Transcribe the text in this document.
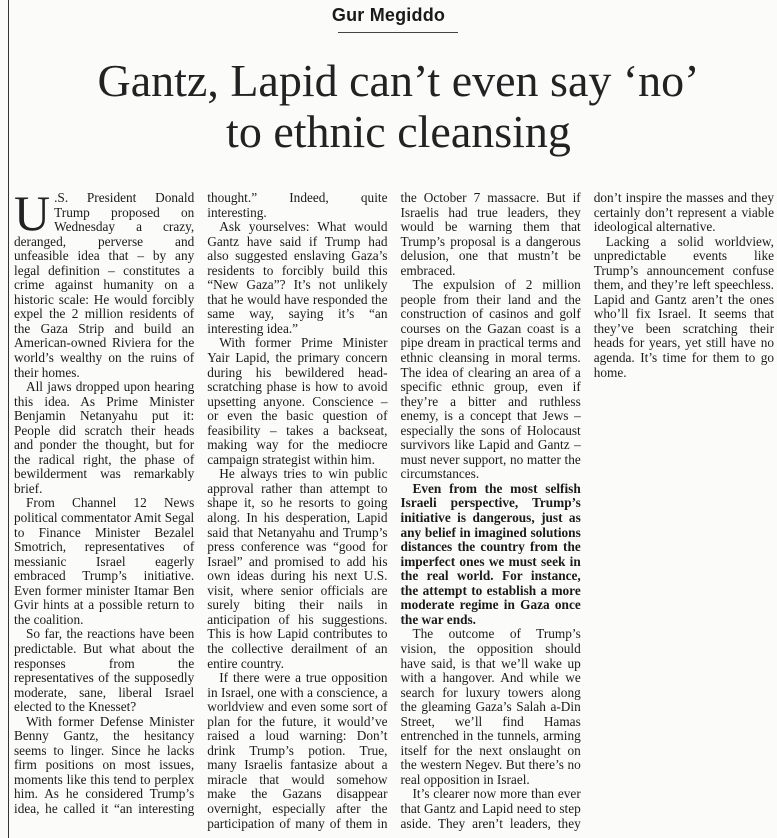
Gur Megiddo
Gantz, Lapid can’t even say ‘no’
to ethnic cleansing

U .S. President Donald Trump proposed on Wednesday a crazy, deranged, perverse and unfeasible idea that – by any legal definition – constitutes a crime against humanity on a historic scale: He would forcibly expel the 2 million residents of the Gaza Strip and build an American-owned Riviera for the world’s wealthy on the ruins of their homes.

All jaws dropped upon hearing this idea. As Prime Minister Benjamin Netanyahu put it: People did scratch their heads and ponder the thought, but for the radical right, the phase of bewilderment was remarkably brief.

From Channel 12 News political commentator Amit Segal to Finance Minister Bezalel Smotrich, representatives of messianic Israel eagerly embraced Trump’s initiative. Even former minister Itamar Ben Gvir hints at a possible return to the coalition.

So far, the reactions have been predictable. But what about the responses from the representatives of the supposedly moderate, sane, liberal Israel elected to the Knesset?

With former Defense Minister Benny Gantz, the hesitancy seems to linger. Since he lacks firm positions on most issues, moments like this tend to perplex him. As he considered Trump’s idea, he called it “an interesting thought.” Indeed, quite interesting.

Ask yourselves: What would Gantz have said if Trump had also suggested enslaving Gaza’s residents to forcibly build this “New Gaza”? It’s not unlikely that he would have responded the same way, saying it’s “an interesting idea.”

With former Prime Minister Yair Lapid, the primary concern during his bewildered head-scratching phase is how to avoid upsetting anyone. Conscience – or even the basic question of feasibility – takes a backseat, making way for the mediocre campaign strategist within him.

He always tries to win public approval rather than attempt to shape it, so he resorts to going along. In his desperation, Lapid said that Netanyahu and Trump’s press conference was “good for Israel” and promised to add his own ideas during his next U.S. visit, where senior officials are surely biting their nails in anticipation of his suggestions. This is how Lapid contributes to the collective derailment of an entire country.

If there were a true opposition in Israel, one with a conscience, a worldview and even some sort of plan for the future, it would’ve raised a loud warning: Don’t drink Trump’s potion. True, many Israelis fantasize about a miracle that would somehow make the Gazans disappear overnight, especially after the participation of many of them in the October 7 massacre. But if Israelis had true leaders, they would be warning them that Trump’s proposal is a dangerous delusion, one that mustn’t be embraced.

The expulsion of 2 million people from their land and the construction of casinos and golf courses on the Gazan coast is a pipe dream in practical terms and ethnic cleansing in moral terms. The idea of clearing an area of a specific ethnic group, even if they’re a bitter and ruthless enemy, is a concept that Jews – especially the sons of Holocaust survivors like Lapid and Gantz – must never support, no matter the circumstances.

Even from the most selfish Israeli perspective, Trump’s initiative is dangerous, just as any belief in imagined solutions distances the country from the imperfect ones we must seek in the real world. For instance, the attempt to establish a more moderate regime in Gaza once the war ends.

The outcome of Trump’s vision, the opposition should have said, is that we’ll wake up with a hangover. And while we search for luxury towers along the gleaming Gaza’s Salah a-Din Street, we’ll find Hamas entrenched in the tunnels, arming itself for the next onslaught on the western Negev. But there’s no real opposition in Israel.

It’s clearer now more than ever that Gantz and Lapid need to step aside. They aren’t leaders, they don’t inspire the masses and they certainly don’t represent a viable ideological alternative.

Lacking a solid worldview, unpredictable events like Trump’s announcement confuse them, and they’re left speechless. Lapid and Gantz aren’t the ones who’ll fix Israel. It seems that they’ve been scratching their heads for years, yet still have no agenda. It’s time for them to go home.
